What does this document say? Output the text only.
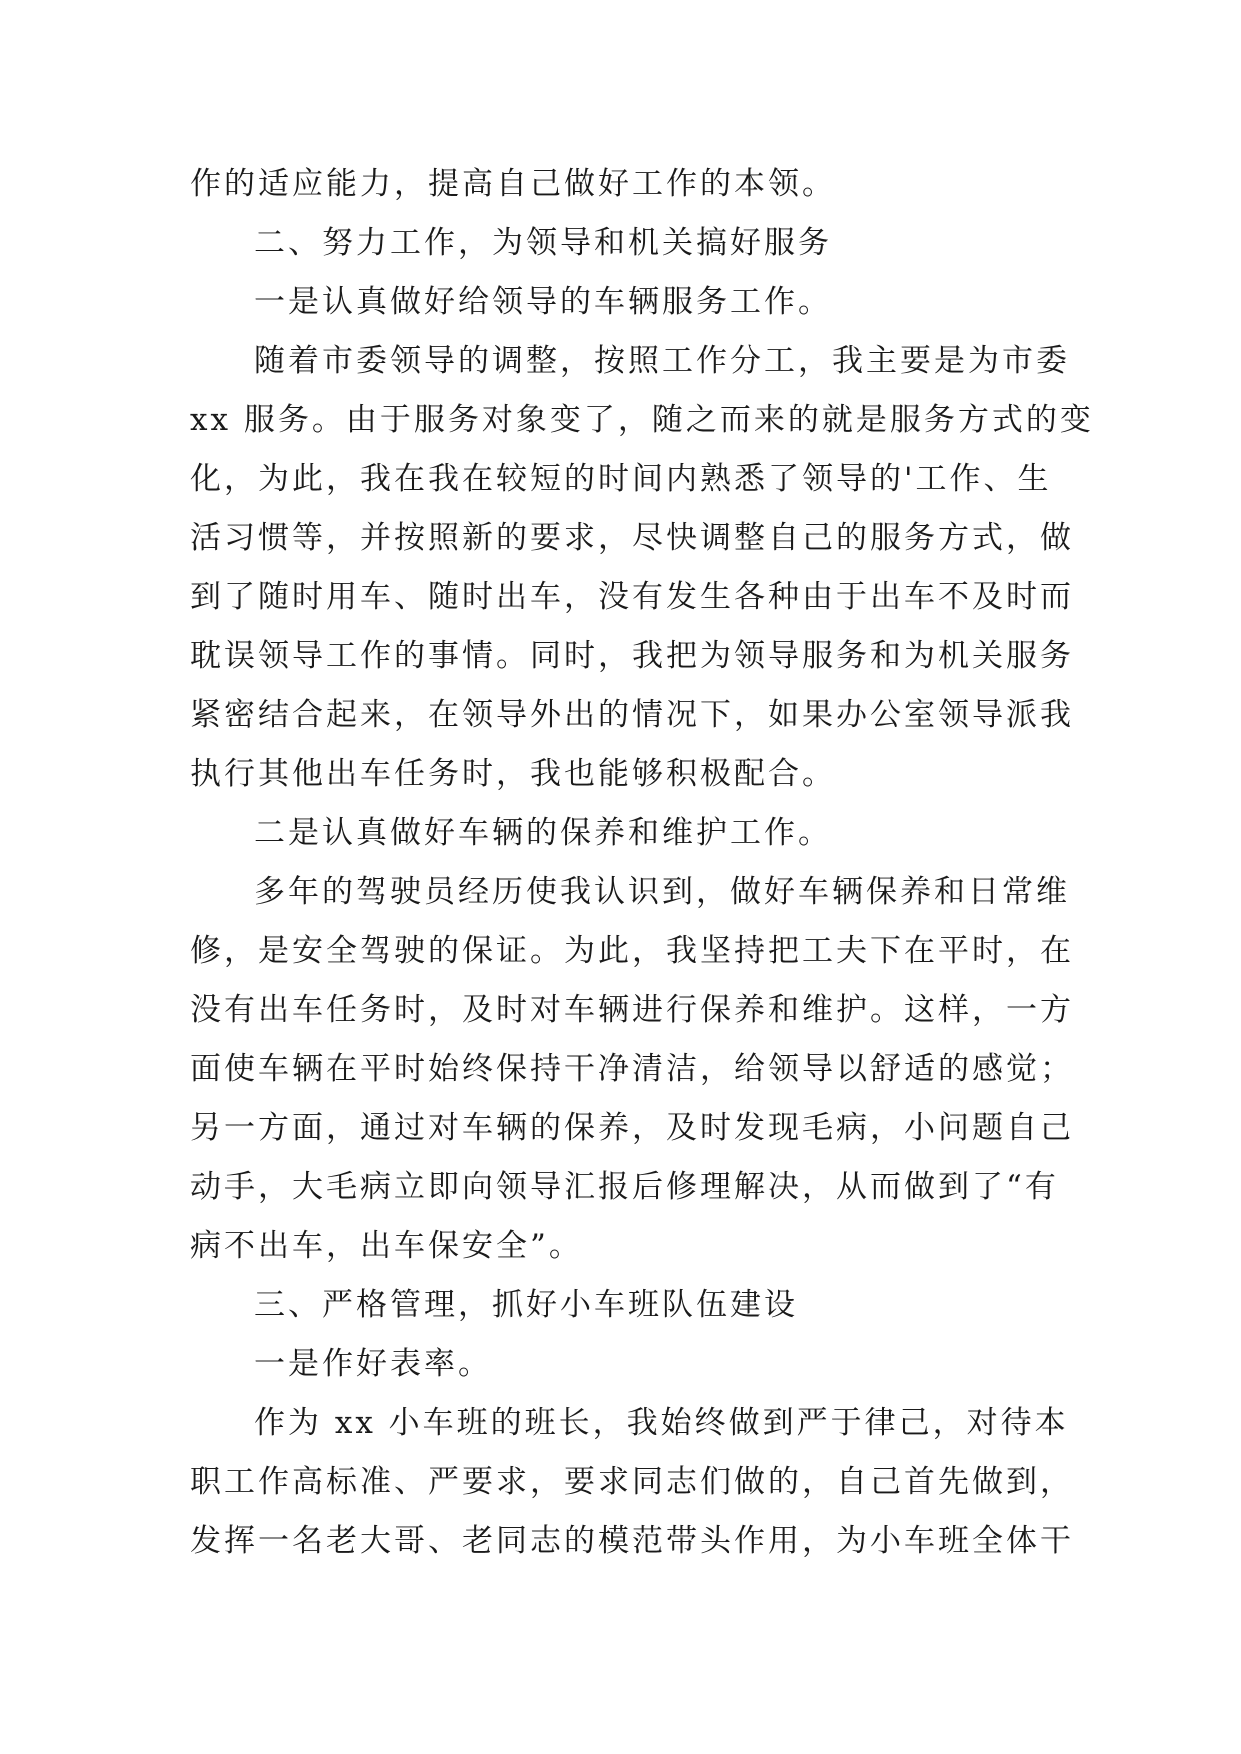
作的适应能力，提高自己做好工作的本领。
二、努力工作，为领导和机关搞好服务
一是认真做好给领导的车辆服务工作。
随着市委领导的调整，按照工作分工，我主要是为市委
xx 服务。由于服务对象变了，随之而来的就是服务方式的变
化，为此，我在我在较短的时间内熟悉了领导的'工作、生
活习惯等，并按照新的要求，尽快调整自己的服务方式，做
到了随时用车、随时出车，没有发生各种由于出车不及时而
耽误领导工作的事情。同时，我把为领导服务和为机关服务
紧密结合起来，在领导外出的情况下，如果办公室领导派我
执行其他出车任务时，我也能够积极配合。
二是认真做好车辆的保养和维护工作。
多年的驾驶员经历使我认识到，做好车辆保养和日常维
修，是安全驾驶的保证。为此，我坚持把工夫下在平时，在
没有出车任务时，及时对车辆进行保养和维护。这样，一方
面使车辆在平时始终保持干净清洁，给领导以舒适的感觉；
另一方面，通过对车辆的保养，及时发现毛病，小问题自己
动手，大毛病立即向领导汇报后修理解决，从而做到了“有
病不出车，出车保安全”。
三、严格管理，抓好小车班队伍建设
一是作好表率。
作为 xx 小车班的班长，我始终做到严于律己，对待本
职工作高标准、严要求，要求同志们做的，自己首先做到，
发挥一名老大哥、老同志的模范带头作用，为小车班全体干
